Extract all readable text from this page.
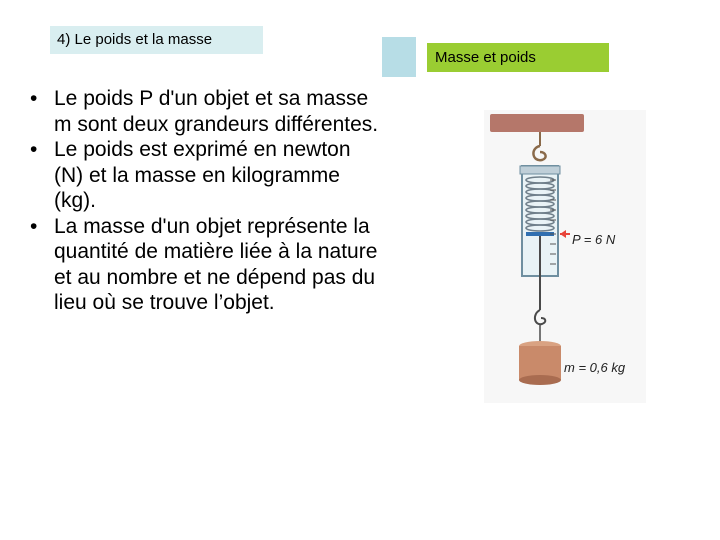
4) Le poids et la masse
Masse et poids
• Le poids P d'un objet et sa masse m sont deux grandeurs différentes.
• Le poids est exprimé en newton (N) et la masse en kilogramme (kg).
• La masse d'un objet représente la quantité de matière liée à la nature et au nombre et ne dépend pas du lieu où se trouve l’objet.
P = 6 N
m = 0,6 kg
